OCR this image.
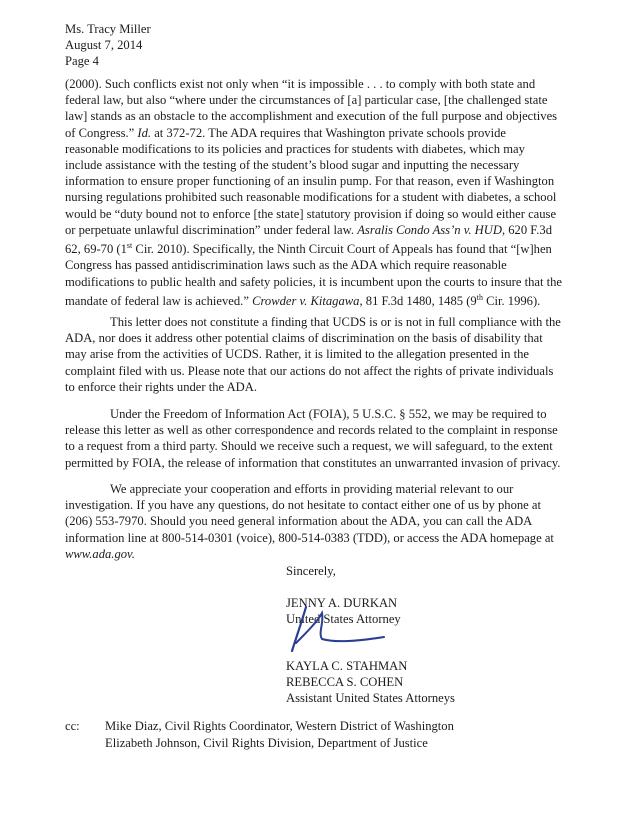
Ms. Tracy Miller
August 7, 2014
Page 4
(2000). Such conflicts exist not only when “it is impossible . . . to comply with both state and
federal law, but also “where under the circumstances of [a] particular case, [the challenged state
law] stands as an obstacle to the accomplishment and execution of the full purpose and objectives
of Congress.” Id. at 372-72. The ADA requires that Washington private schools provide
reasonable modifications to its policies and practices for students with diabetes, which may
include assistance with the testing of the student’s blood sugar and inputting the necessary
information to ensure proper functioning of an insulin pump. For that reason, even if Washington
nursing regulations prohibited such reasonable modifications for a student with diabetes, a school
would be “duty bound not to enforce [the state] statutory provision if doing so would either cause
or perpetuate unlawful discrimination” under federal law. Asralis Condo Ass’n v. HUD, 620 F.3d
62, 69-70 (1st Cir. 2010). Specifically, the Ninth Circuit Court of Appeals has found that “[w]hen
Congress has passed antidiscrimination laws such as the ADA which require reasonable
modifications to public health and safety policies, it is incumbent upon the courts to insure that the
mandate of federal law is achieved.” Crowder v. Kitagawa, 81 F.3d 1480, 1485 (9th Cir. 1996).
This letter does not constitute a finding that UCDS is or is not in full compliance with the
ADA, nor does it address other potential claims of discrimination on the basis of disability that
may arise from the activities of UCDS. Rather, it is limited to the allegation presented in the
complaint filed with us. Please note that our actions do not affect the rights of private individuals
to enforce their rights under the ADA.
Under the Freedom of Information Act (FOIA), 5 U.S.C. § 552, we may be required to
release this letter as well as other correspondence and records related to the complaint in response
to a request from a third party. Should we receive such a request, we will safeguard, to the extent
permitted by FOIA, the release of information that constitutes an unwarranted invasion of privacy.
We appreciate your cooperation and efforts in providing material relevant to our
investigation. If you have any questions, do not hesitate to contact either one of us by phone at
(206) 553-7970. Should you need general information about the ADA, you can call the ADA
information line at 800-514-0301 (voice), 800-514-0383 (TDD), or access the ADA homepage at
www.ada.gov.
Sincerely,
JENNY A. DURKAN
United States Attorney
KAYLA C. STAHMAN
REBECCA S. COHEN
Assistant United States Attorneys
cc:	Mike Diaz, Civil Rights Coordinator, Western District of Washington
Elizabeth Johnson, Civil Rights Division, Department of Justice
